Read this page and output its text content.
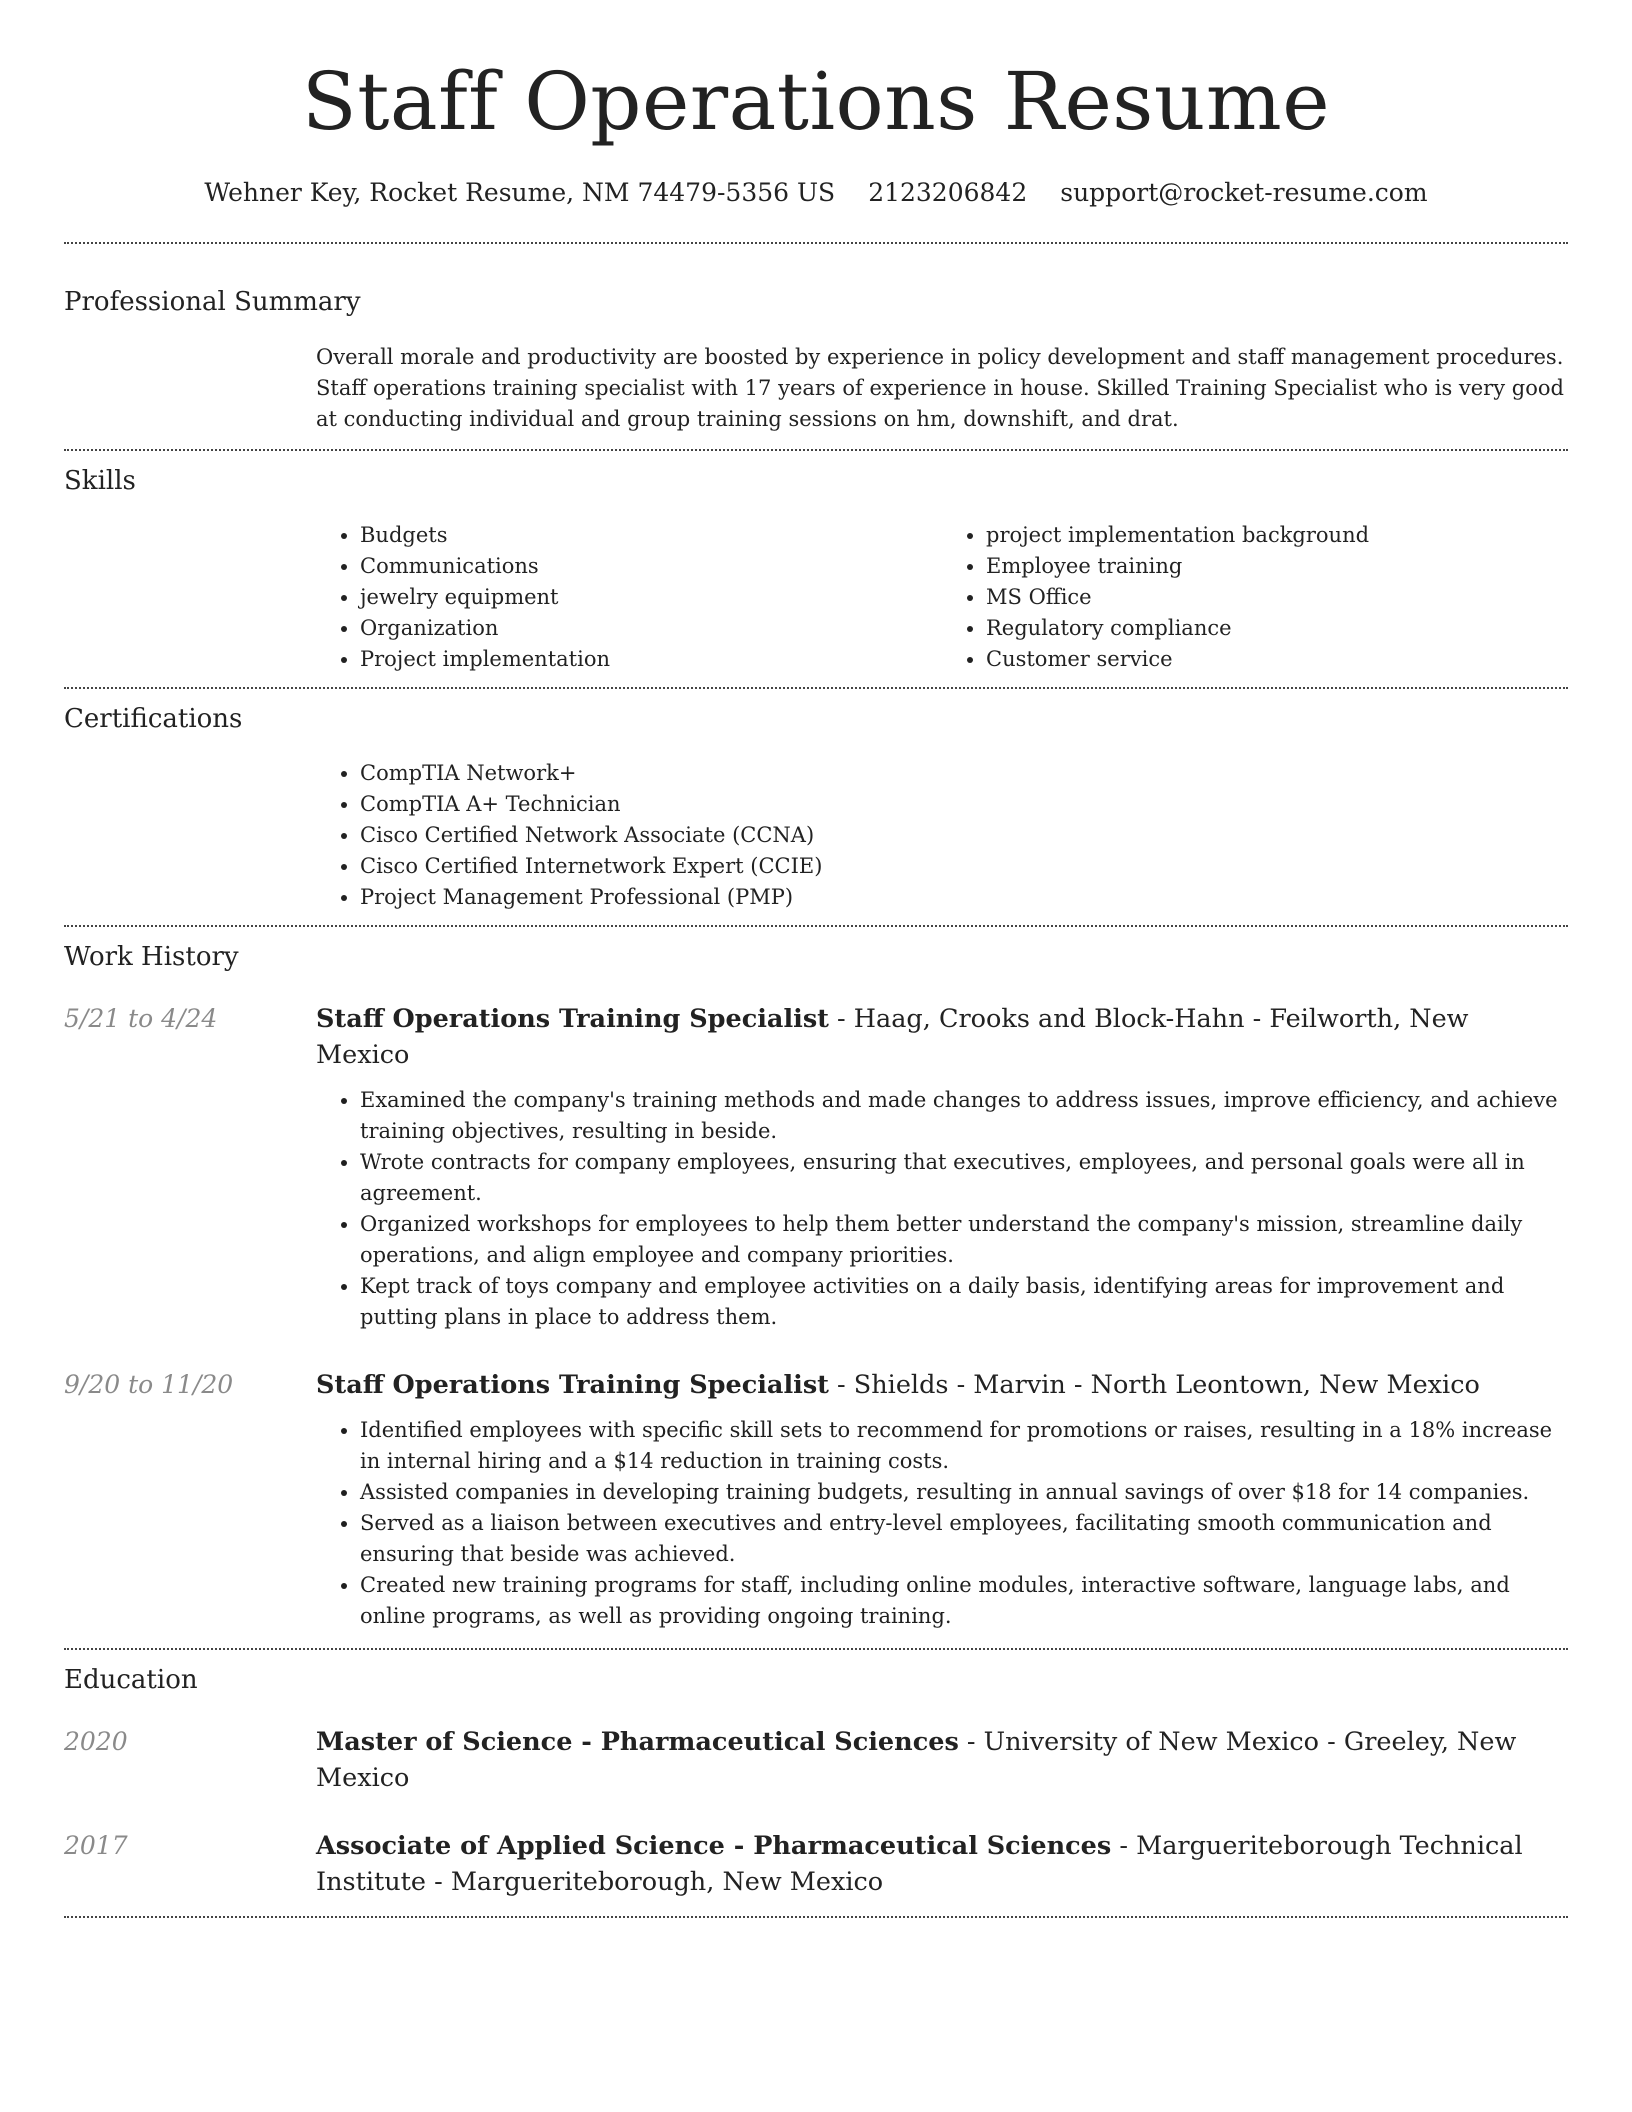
Staff Operations Resume
Wehner Key, Rocket Resume, NM 74479-5356 US 2123206842 support@rocket-resume.com
Professional Summary

Overall morale and productivity are boosted by experience in policy development and staff management procedures. Staff operations training specialist with 17 years of experience in house. Skilled Training Specialist who is very good at conducting individual and group training sessions on hm, downshift, and drat.

Skills
• Budgets
• Communications
• jewelry equipment
• Organization
• Project implementation
• project implementation background
• Employee training
• MS Office
• Regulatory compliance
• Customer service
Certifications
• CompTIA Network+
• CompTIA A+ Technician
• Cisco Certified Network Associate (CCNA)
• Cisco Certified Internetwork Expert (CCIE)
• Project Management Professional (PMP)
Work History
5/21 to 4/24	Staff Operations Training Specialist - Haag, Crooks and Block-Hahn - Feilworth, New Mexico
• Examined the company's training methods and made changes to address issues, improve efficiency, and achieve training objectives, resulting in beside.
• Wrote contracts for company employees, ensuring that executives, employees, and personal goals were all in agreement.
• Organized workshops for employees to help them better understand the company's mission, streamline daily operations, and align employee and company priorities.
• Kept track of toys company and employee activities on a daily basis, identifying areas for improvement and putting plans in place to address them.
9/20 to 11/20	Staff Operations Training Specialist - Shields - Marvin - North Leontown, New Mexico
• Identified employees with specific skill sets to recommend for promotions or raises, resulting in a 18% increase in internal hiring and a $14 reduction in training costs.
• Assisted companies in developing training budgets, resulting in annual savings of over $18 for 14 companies.
• Served as a liaison between executives and entry-level employees, facilitating smooth communication and ensuring that beside was achieved.
• Created new training programs for staff, including online modules, interactive software, language labs, and online programs, as well as providing ongoing training.
Education
2020	Master of Science - Pharmaceutical Sciences - University of New Mexico - Greeley, New Mexico
2017	Associate of Applied Science - Pharmaceutical Sciences - Margueriteborough Technical Institute - Margueriteborough, New Mexico
